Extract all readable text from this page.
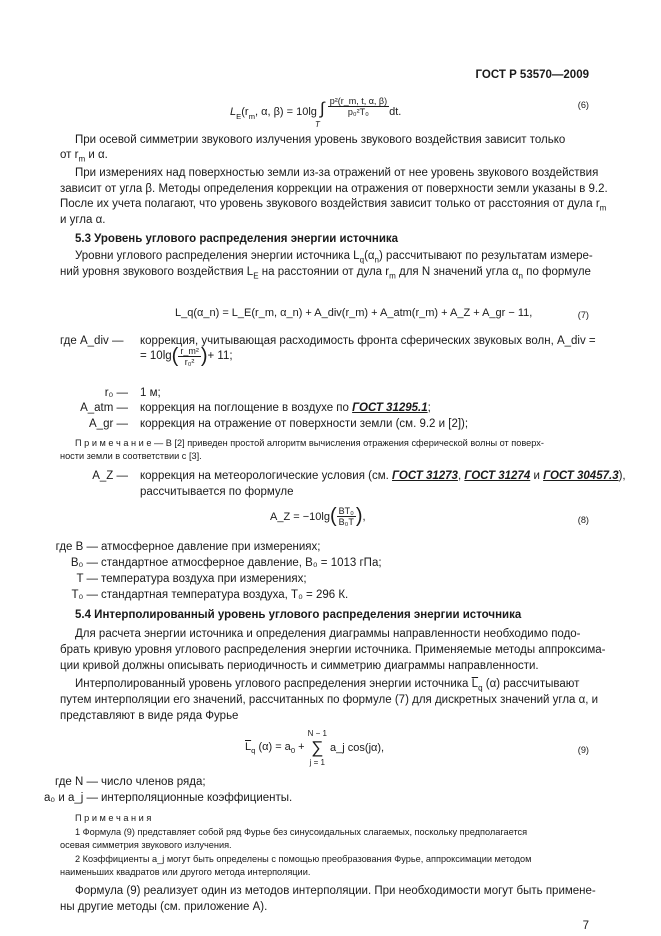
ГОСТ Р 53570—2009
$L_E(r_m$, α, β) = 10lg ∫ $\frac{\text{p²(r\_m, t, α, β)}}{\text{p₀²T₀}}$ dt.
T
(6)
При осевой симметрии звукового излучения уровень звукового воздействия зависит только
от $r_m$ и α.
При измерениях над поверхностью земли из-за отражений от нее уровень звукового воздействия
зависит от угла β. Методы определения коррекции на отражения от поверхности земли указаны в 9.2.
После их учета полагают, что уровень звукового воздействия зависит только от расстояния от дула $r_m$
и угла α.
5.3 Уровень углового распределения энергии источника
Уровни углового распределения энергии источника $L_q(\alpha_n)$ рассчитывают по результатам измере-
ний уровня звукового воздействия $L_E$ на расстоянии от дула $r_m$ для N значений угла $\alpha_n$ по формуле
L_q(α_n) = L_E(r_m, α_n) + A_div(r_m) + A_atm(r_m) + A_Z + A_gr − 11,	(7)
где A_div — коррекция, учитывающая расходимость фронта сферических звуковых волн, A_div =
= $10\lg( \frac{\text{r\_m²}}{\text{r₀²}}$ )+ 11;
r₀ — 1 м;
A_atm — коррекция на поглощение в воздухе по ГОСТ 31295.1;
A_gr — коррекция на отражение от поверхности земли (см. 9.2 и [2]);
П р и м е ч а н и е — В [2] приведен простой алгоритм вычисления отражения сферической волны от поверх-
ности земли в соответствии с [3].
A_Z — коррекция на метеорологические условия (см. ГОСТ 31273, ГОСТ 31274 и ГОСТ 30457.3),
рассчитывается по формуле
A_Z = $-10\lg( \frac{\text{BT₀}}{\text{B₀T}}$ ),	(8)
где B — атмосферное давление при измерениях;
B₀ — стандартное атмосферное давление, B₀ = 1013 гПа;
T — температура воздуха при измерениях;
T₀ — стандартная температура воздуха, T₀ = 296 К.
5.4 Интерполированный уровень углового распределения энергии источника
Для расчета энергии источника и определения диаграммы направленности необходимо подо-
брать кривую уровня углового распределения энергии источника. Применяемые методы аппроксима-
ции кривой должны описывать периодичность и симметрию диаграммы направленности.
Интерполированный уровень углового распределения энергии источника $\overline{L}_q$ (α) рассчитывают
путем интерполяции его значений, рассчитанных по формуле (7) для дискретных значений угла α, и
представляют в виде ряда Фурье
$\overline{L}_q$ $(\alpha) = a_0$ +
N − 1
∑
j = 1
a_j cos(jα),	(9)
где N — число членов ряда;
a₀ и a_j — интерполяционные коэффициенты.
П р и м е ч а н и я
1 Формула (9) представляет собой ряд Фурье без синусоидальных слагаемых, поскольку предполагается
осевая симметрия звукового излучения.
2 Коэффициенты a_j могут быть определены с помощью преобразования Фурье, аппроксимации методом
наименьших квадратов или другого метода интерполяции.
Формула (9) реализует один из методов интерполяции. При необходимости могут быть примене-
ны другие методы (см. приложение А).
7
